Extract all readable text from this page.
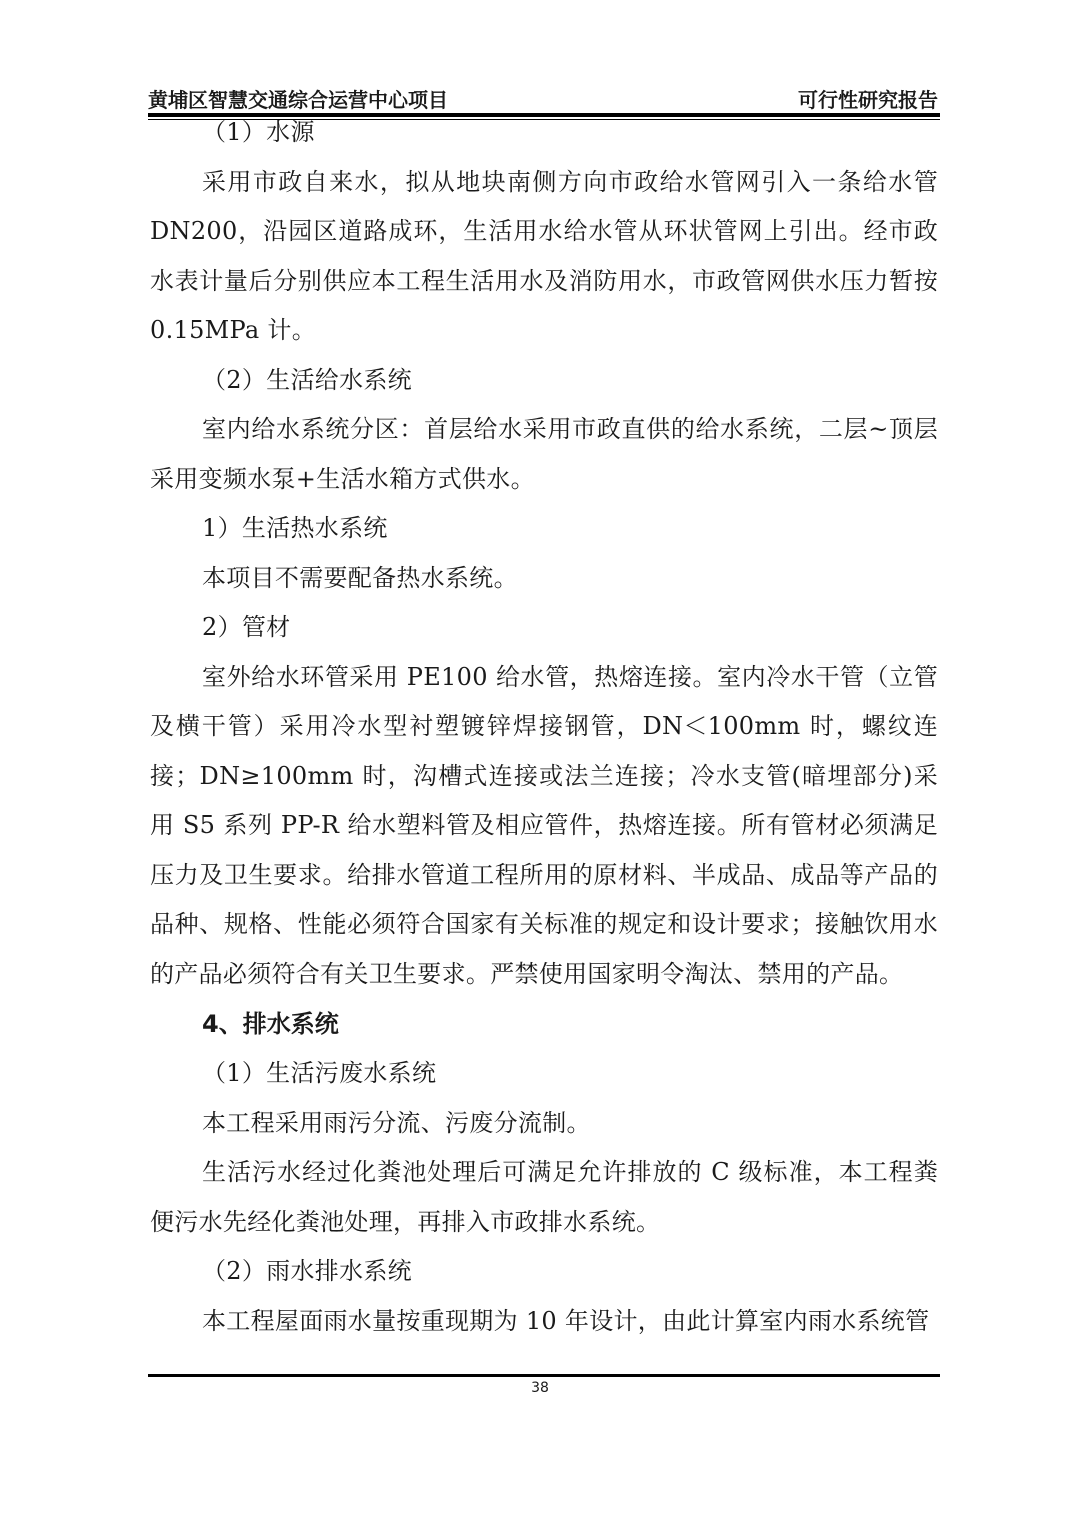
黄埔区智慧交通综合运营中心项目	可行性研究报告

（1）水源

采用市政自来水，拟从地块南侧方向市政给水管网引入一条给水管DN200，沿园区道路成环，生活用水给水管从环状管网上引出。经市政水表计量后分别供应本工程生活用水及消防用水，市政管网供水压力暂按0.15MPa 计。

（2）生活给水系统

室内给水系统分区：首层给水采用市政直供的给水系统，二层~顶层采用变频水泵+生活水箱方式供水。

1）生活热水系统

本项目不需要配备热水系统。

2）管材

室外给水环管采用 PE100 给水管，热熔连接。室内冷水干管（立管及横干管）采用冷水型衬塑镀锌焊接钢管，DN＜100mm 时，螺纹连接；DN≥100mm 时，沟槽式连接或法兰连接；冷水支管(暗埋部分)采用 S5 系列 PP-R 给水塑料管及相应管件，热熔连接。所有管材必须满足压力及卫生要求。给排水管道工程所用的原材料、半成品、成品等产品的品种、规格、性能必须符合国家有关标准的规定和设计要求；接触饮用水的产品必须符合有关卫生要求。严禁使用国家明令淘汰、禁用的产品。

4、排水系统

（1）生活污废水系统

本工程采用雨污分流、污废分流制。

生活污水经过化粪池处理后可满足允许排放的 C 级标准，本工程粪便污水先经化粪池处理，再排入市政排水系统。

（2）雨水排水系统

本工程屋面雨水量按重现期为 10 年设计，由此计算室内雨水系统管

38
